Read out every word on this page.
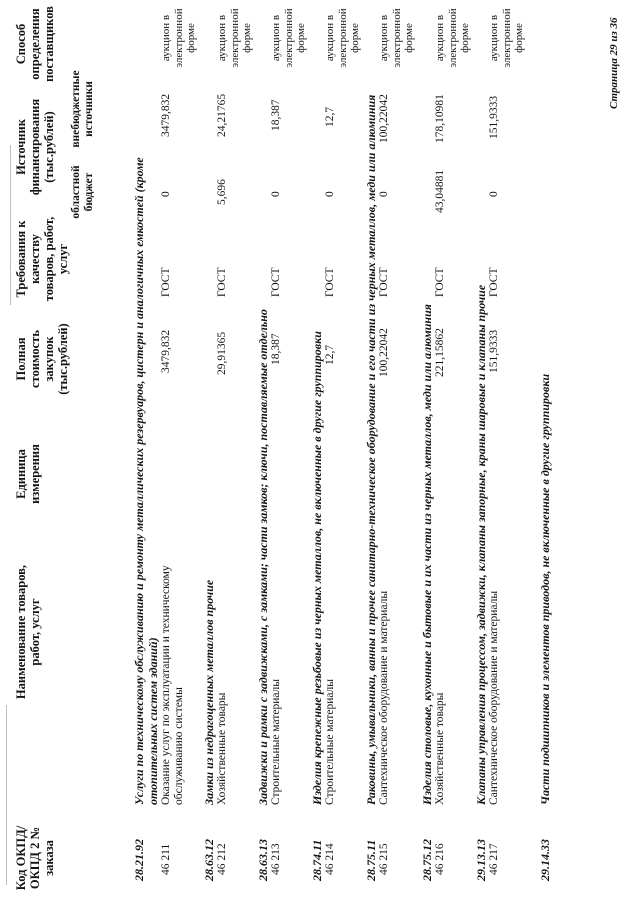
Код ОКПД/ ОКПД 2 № заказа
Наименование товаров, работ, услуг
Единица измерения
Полная стоимость закупок (тыс.рублей)
Требования к качеству товаров, работ, услуг
Источник финансирования (тыс.рублей)
областной бюджет
внебюджетные источники
Способ определения поставщиков
28.21.92
Услуги по техническому обслуживанию и ремонту металлических резервуаров, цистерн и аналогичных емкостей (кроме отопительных систем зданий)
46 211
Оказание услуг по эксплуатации и техническому обслуживанию системы
3479,832
ГОСТ
0
3479,832
аукцион в электронной форме
28.63.12
Замки из недрагоценных металлов прочие
46 212
Хозяйственные товары
29,91365
ГОСТ
5,696
24,21765
аукцион в электронной форме
28.63.13
Задвижки и рамки с задвижками, с замками; части замков; ключи, поставляемые отдельно
46 213
Строительные материалы
18,387
ГОСТ
0
18,387
аукцион в электронной форме
28.74.11
Изделия крепежные резьбовые из черных металлов, не включенные в другие группировки
46 214
Строительные материалы
12,7
ГОСТ
0
12,7
аукцион в электронной форме
28.75.11
Раковины, умывальники, ванны и прочее санитарно-техническое оборудование и его части из черных металлов, меди или алюминия
46 215
Сантехническое оборудование и материалы
100,22042
ГОСТ
0
100,22042
аукцион в электронной форме
28.75.12
Изделия столовые, кухонные и бытовые и их части из черных металлов, меди или алюминия
46 216
Хозяйственные товары
221,15862
ГОСТ
43,04881
178,10981
аукцион в электронной форме
29.13.13
Клапаны управления процессом, задвижки, клапаны запорные, краны шаровые и клапаны прочие
46 217
Сантехническое оборудование и материалы
151,9333
ГОСТ
0
151,9333
аукцион в электронной форме
29.14.33
Части подшипников и элементов приводов, не включенные в другие группировки
Страница 29 из 36
